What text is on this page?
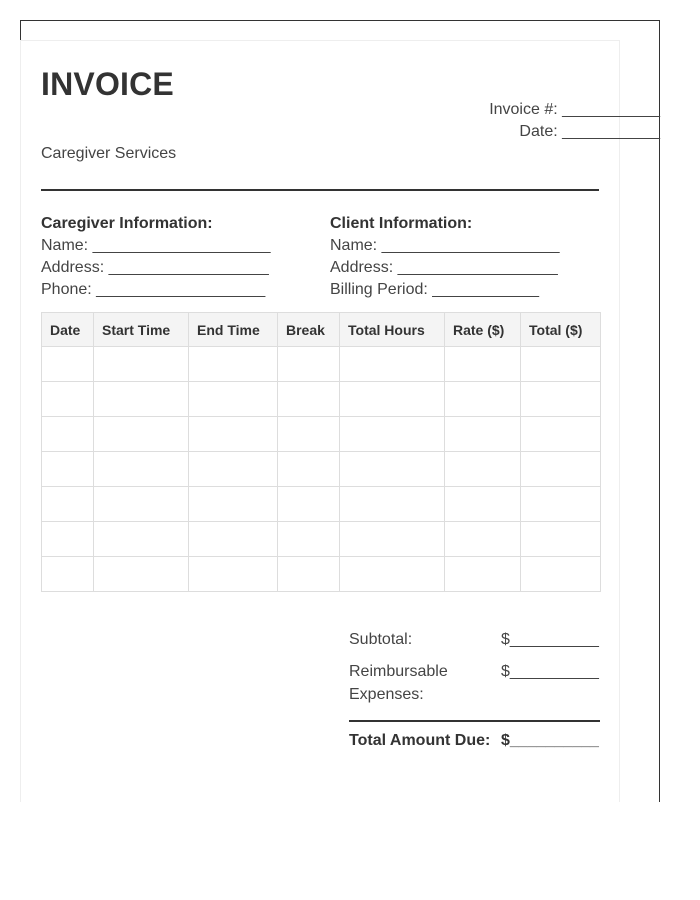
INVOICE
Caregiver Services
Invoice #: ___________
Date: ___________
Caregiver Information:
Name: ____________________
Address: __________________
Phone: ___________________
Client Information:
Name: ____________________
Address: __________________
Billing Period: ____________
Date	Start Time	End Time	Break	Total Hours	Rate ($)	Total ($)

Subtotal:	$__________
Reimbursable Expenses:
$__________
Total Amount Due: $__________
